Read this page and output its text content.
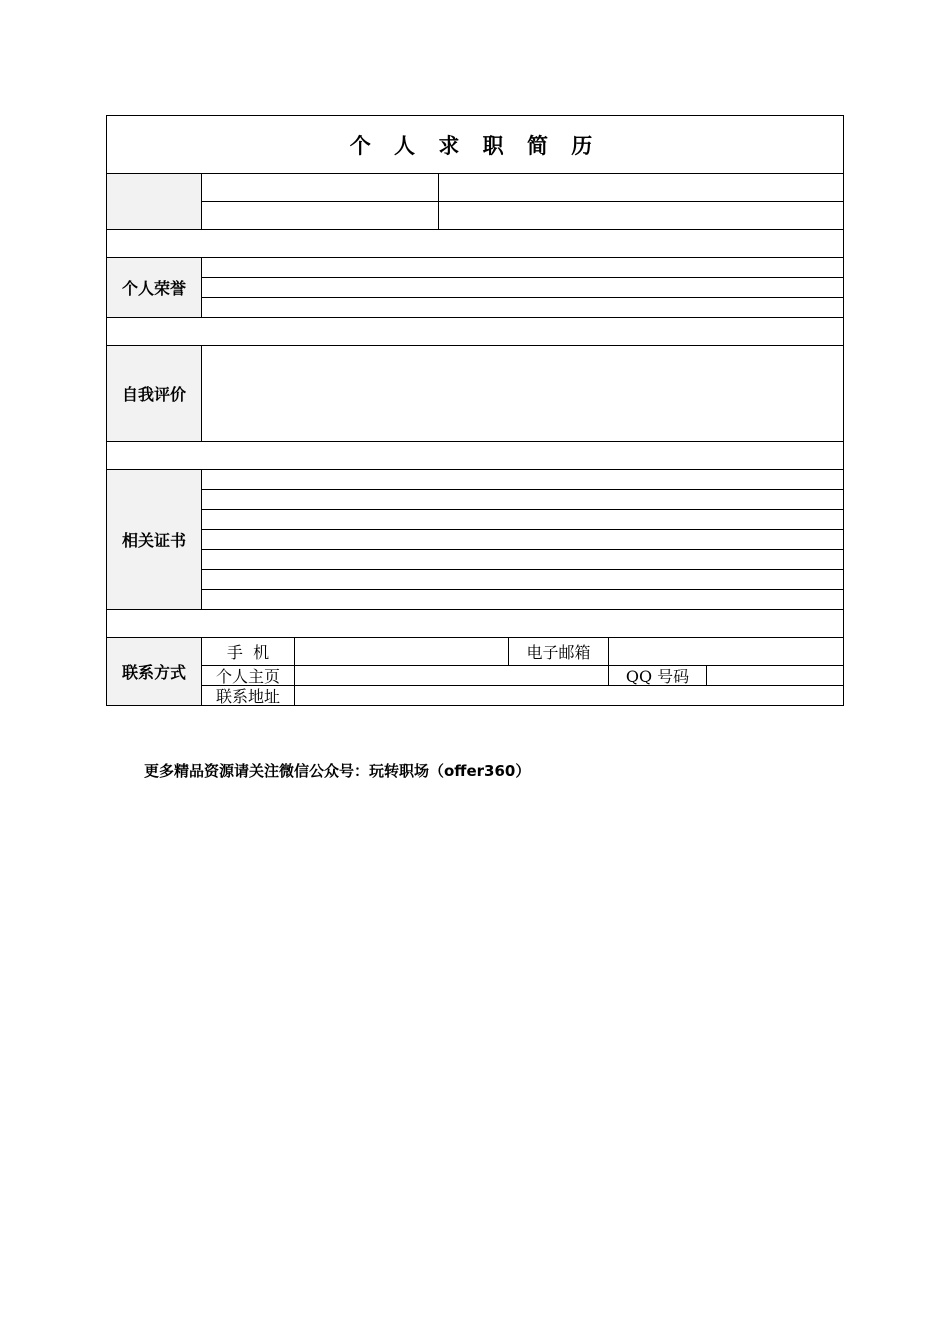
个 人 求 职 简 历
个人荣誉
自我评价
相关证书
联系方式
手  机	电子邮箱
个人主页	QQ 号码
联系地址
更多精品资源请关注微信公众号：玩转职场（offer360）
